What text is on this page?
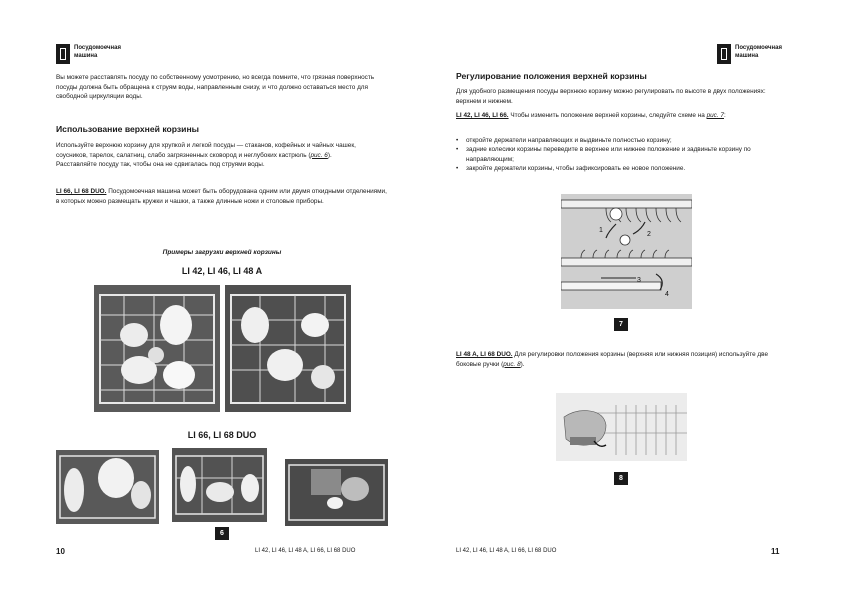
Посудомоечная машина

Вы можете расставлять посуду по собственному усмотрению, но всегда помните, что грязная поверхность посуды должна быть обращена к струям воды, направленным снизу, и что должно оставаться место для свободной циркуляции воды.

Использование верхней корзины

Используйте верхнюю корзину для хрупкой и легкой посуды — стаканов, кофейных и чайных чашек, соусников, тарелок, салатниц, слабо загрязненных сковород и неглубоких кастрюль (рис. 6).
Расставляйте посуду так, чтобы она не сдвигалась под струями воды.

LI 66, LI 68 DUO. Посудомоечная машина может быть оборудована одним или двумя откидными отделениями, в которых можно размещать кружки и чашки, а также длинные ножи и столовые приборы.

Примеры загрузки верхней корзины
LI 42, LI 46, LI 48 A
LI 66, LI 68 DUO
6
10	LI 42, LI 46, LI 48 A, LI 66, LI 68 DUO
Посудомоечная машина
Регулирование положения верхней корзины

Для удобного размещения посуды верхнюю корзину можно регулировать по высоте в двух положениях: верхнем и нижнем.

LI 42, LI 46, LI 66. Чтобы изменить положение верхней корзины, следуйте схеме на рис. 7:

• откройте держатели направляющих и выдвиньте полностью корзину;
• задние колесики корзины переведите в верхнее или нижнее положение и задвиньте корзину по направляющим;
• закройте держатели корзины, чтобы зафиксировать ее новое положение.
1
2
3
4
7

LI 48 A, LI 68 DUO. Для регулировки положения корзины (верхняя или нижняя позиция) используйте две боковые ручки (рис. 8).

8
LI 42, LI 46, LI 48 A, LI 66, LI 68 DUO	11
